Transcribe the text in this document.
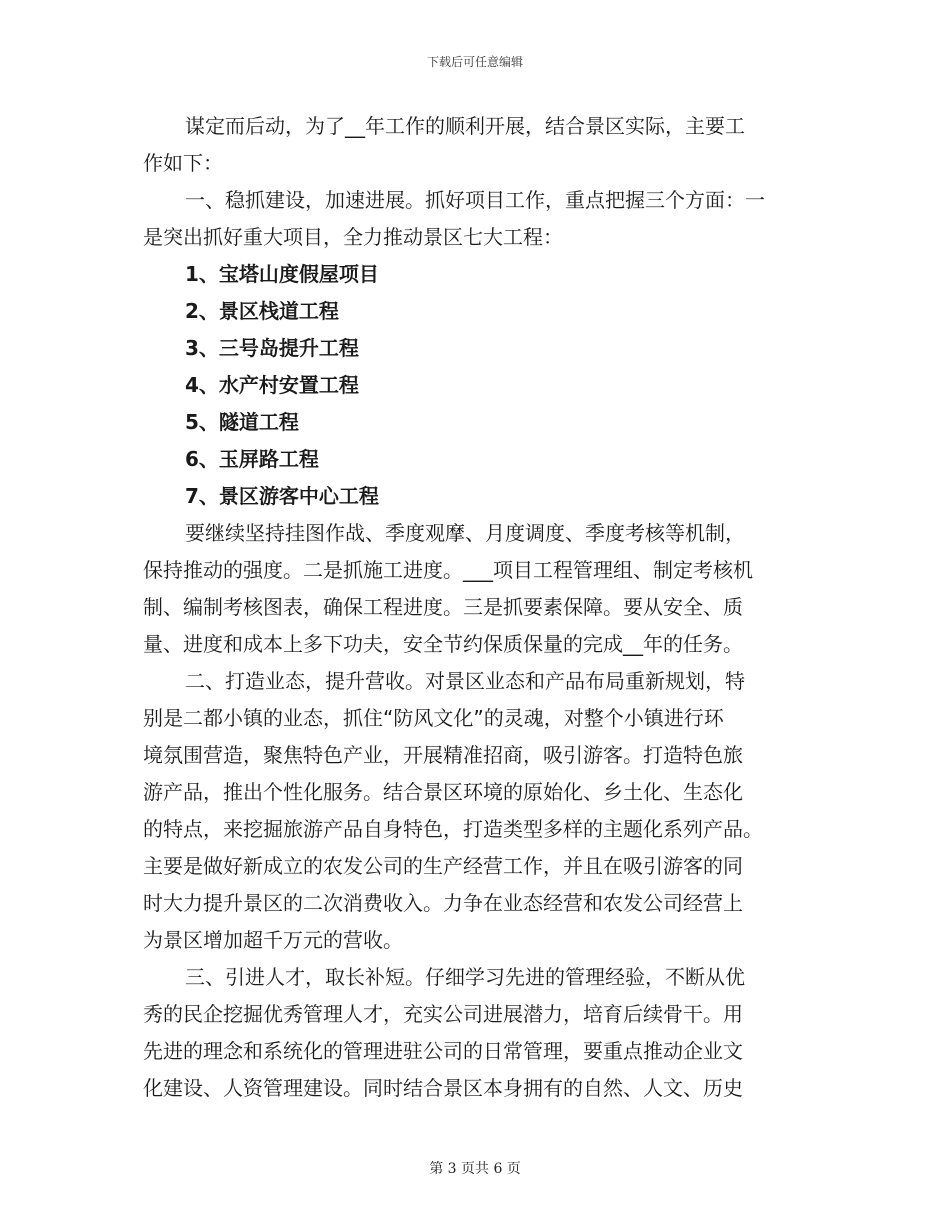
下载后可任意编辑
谋定而后动，为了__年工作的顺利开展，结合景区实际，主要工
作如下：
一、稳抓建设，加速进展。抓好项目工作，重点把握三个方面：一
是突出抓好重大项目，全力推动景区七大工程：
1、宝塔山度假屋项目
2、景区栈道工程
3、三号岛提升工程
4、水产村安置工程
5、隧道工程
6、玉屏路工程
7、景区游客中心工程
要继续坚持挂图作战、季度观摩、月度调度、季度考核等机制，
保持推动的强度。二是抓施工进度。___项目工程管理组、制定考核机
制、编制考核图表，确保工程进度。三是抓要素保障。要从安全、质
量、进度和成本上多下功夫，安全节约保质保量的完成__年的任务。
二、打造业态，提升营收。对景区业态和产品布局重新规划，特
别是二都小镇的业态，抓住“防风文化”的灵魂，对整个小镇进行环
境氛围营造，聚焦特色产业，开展精准招商，吸引游客。打造特色旅
游产品，推出个性化服务。结合景区环境的原始化、乡土化、生态化
的特点，来挖掘旅游产品自身特色，打造类型多样的主题化系列产品。
主要是做好新成立的农发公司的生产经营工作，并且在吸引游客的同
时大力提升景区的二次消费收入。力争在业态经营和农发公司经营上
为景区增加超千万元的营收。
三、引进人才，取长补短。仔细学习先进的管理经验，不断从优
秀的民企挖掘优秀管理人才，充实公司进展潜力，培育后续骨干。用
先进的理念和系统化的管理进驻公司的日常管理，要重点推动企业文
化建设、人资管理建设。同时结合景区本身拥有的自然、人文、历史
第 3 页共 6 页
